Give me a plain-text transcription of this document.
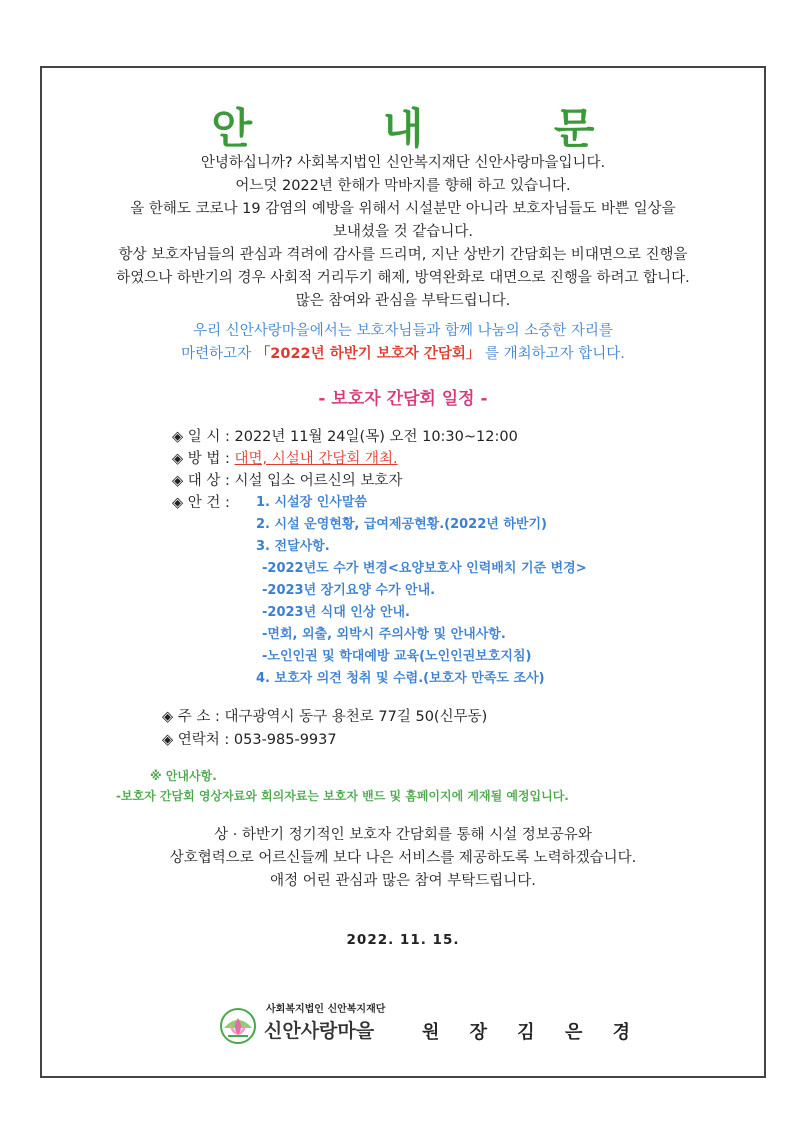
안 내 문

안녕하십니까? 사회복지법인 신안복지재단 신안사랑마을입니다.

어느덧 2022년 한해가 막바지를 향해 하고 있습니다.

올 한해도 코로나 19 감염의 예방을 위해서 시설분만 아니라 보호자님들도 바쁜 일상을

보내셨을 것 같습니다.

항상 보호자님들의 관심과 격려에 감사를 드리며, 지난 상반기 간담회는 비대면으로 진행을

하였으나 하반기의 경우 사회적 거리두기 해제, 방역완화로 대면으로 진행을 하려고 합니다.

많은 참여와 관심을 부탁드립니다.

우리 신안사랑마을에서는 보호자님들과 함께 나눔의 소중한 자리를

마련하고자 「2022년 하반기 보호자 간담회」 를 개최하고자 합니다.

- 보호자 간담회 일정 -
◈ 일 시 : 2022년 11월 24일(목) 오전 10:30~12:00
◈ 방 법 : 대면, 시설내 간담회 개최.
◈ 대 상 : 시설 입소 어르신의 보호자
◈ 안 건 :	1. 시설장 인사말씀
2. 시설 운영현황, 급여제공현황.(2022년 하반기)
3. 전달사항.
-2022년도 수가 변경<요양보호사 인력배치 기준 변경>
-2023년 장기요양 수가 안내.
-2023년 식대 인상 안내.
-면회, 외출, 외박시 주의사항 및 안내사항.
-노인인권 및 학대예방 교육(노인인권보호지침)
4. 보호자 의견 청취 및 수렴.(보호자 만족도 조사)
◈ 주 소 : 대구광역시 동구 용천로 77길 50(신무동)
◈ 연락처 : 053-985-9937
※ 안내사항.
-보호자 간담회 영상자료와 회의자료는 보호자 밴드 및 홈페이지에 게재될 예정입니다.

상 · 하반기 정기적인 보호자 간담회를 통해 시설 정보공유와

상호협력으로 어르신들께 보다 나은 서비스를 제공하도록 노력하겠습니다.

애정 어린 관심과 많은 참여 부탁드립니다.

2022. 11. 15.
사회복지법인 신안복지재단
신안사랑마을	원 장 김 은 경
